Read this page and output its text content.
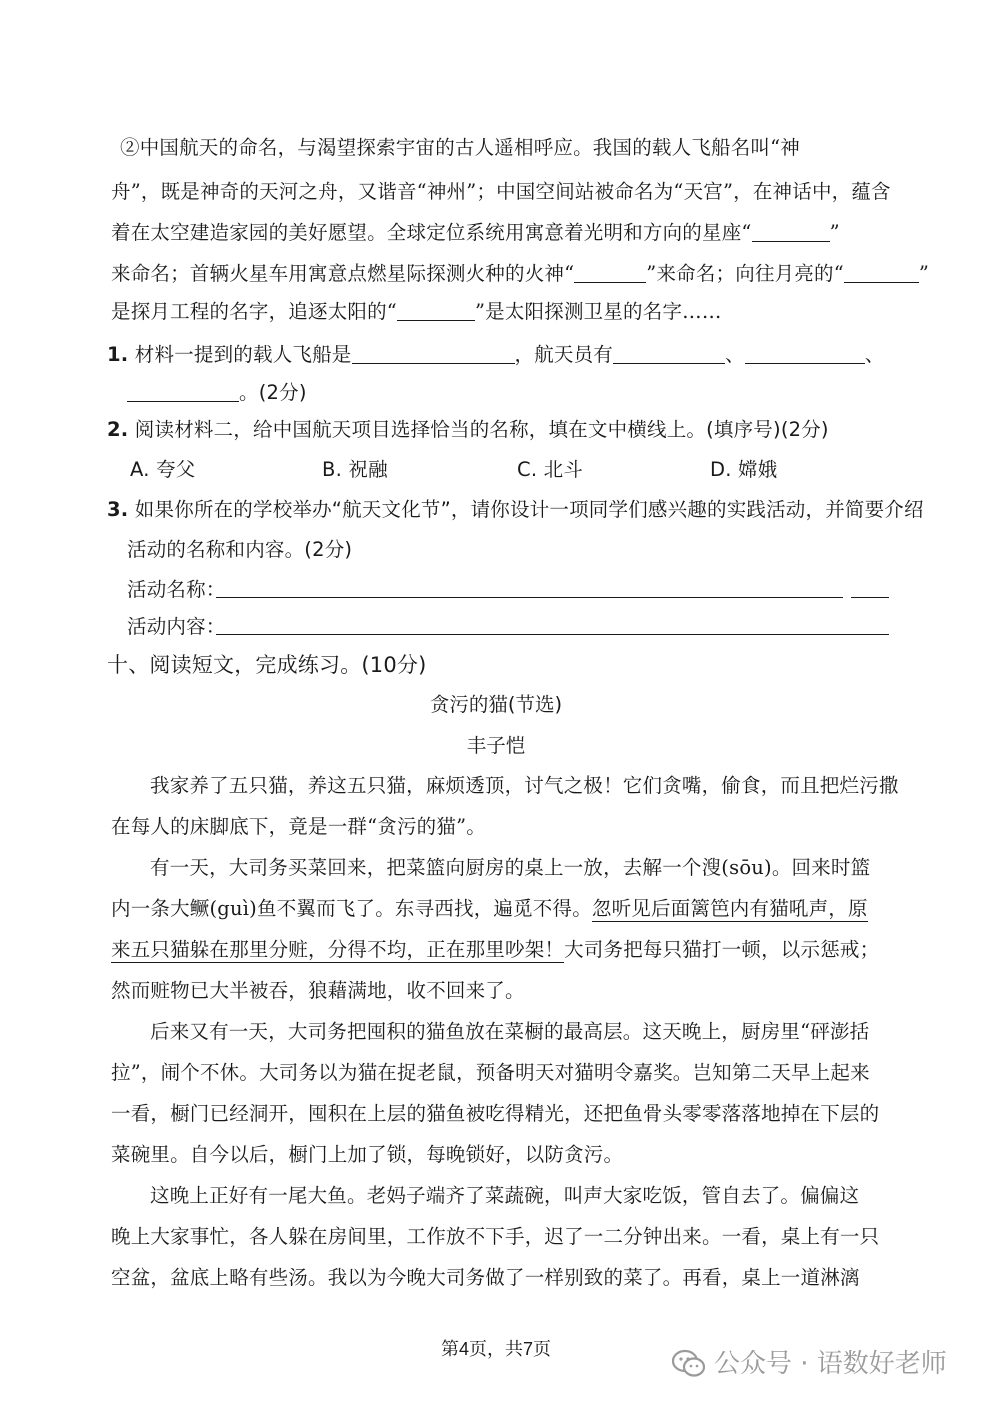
②中国航天的命名，与渴望探索宇宙的古人遥相呼应。我国的载人飞船名叫“神
舟”，既是神奇的天河之舟，又谐音“神州”；中国空间站被命名为“天宫”，在神话中，蕴含
着在太空建造家园的美好愿望。全球定位系统用寓意着光明和方向的星座“	”
来命名；首辆火星车用寓意点燃星际探测火种的火神“	”来命名；向往月亮的“	”
是探月工程的名字，追逐太阳的“	”是太阳探测卫星的名字……
1. 材料一提到的载人飞船是	，航天员有	、	、
。(2分)
2. 阅读材料二，给中国航天项目选择恰当的名称，填在文中横线上。(填序号)(2分)
A. 夸父	B. 祝融	C. 北斗	D. 嫦娥
3. 如果你所在的学校举办“航天文化节”，请你设计一项同学们感兴趣的实践活动，并简要介绍
活动的名称和内容。(2分)
活动名称：
活动内容：
十、阅读短文，完成练习。(10分)
贪污的猫(节选)
丰子恺
我家养了五只猫，养这五只猫，麻烦透顶，讨气之极！它们贪嘴，偷食，而且把烂污撒
在每人的床脚底下，竟是一群“贪污的猫”。
有一天，大司务买菜回来，把菜篮向厨房的桌上一放，去解一个溲(sōu)。回来时篮
内一条大鳜(guì)鱼不翼而飞了。东寻西找，遍觅不得。忽听见后面篱笆内有猫吼声，原
来五只猫躲在那里分赃，分得不均，正在那里吵架！大司务把每只猫打一顿，以示惩戒；
然而赃物已大半被吞，狼藉满地，收不回来了。
后来又有一天，大司务把囤积的猫鱼放在菜橱的最高层。这天晚上，厨房里“砰澎括
拉”，闹个不休。大司务以为猫在捉老鼠，预备明天对猫明令嘉奖。岂知第二天早上起来
一看，橱门已经洞开，囤积在上层的猫鱼被吃得精光，还把鱼骨头零零落落地掉在下层的
菜碗里。自今以后，橱门上加了锁，每晚锁好，以防贪污。
这晚上正好有一尾大鱼。老妈子端齐了菜蔬碗，叫声大家吃饭，管自去了。偏偏这
晚上大家事忙，各人躲在房间里，工作放不下手，迟了一二分钟出来。一看，桌上有一只
空盆，盆底上略有些汤。我以为今晚大司务做了一样别致的菜了。再看，桌上一道淋漓
第4页，共7页	公众号 · 语数好老师
